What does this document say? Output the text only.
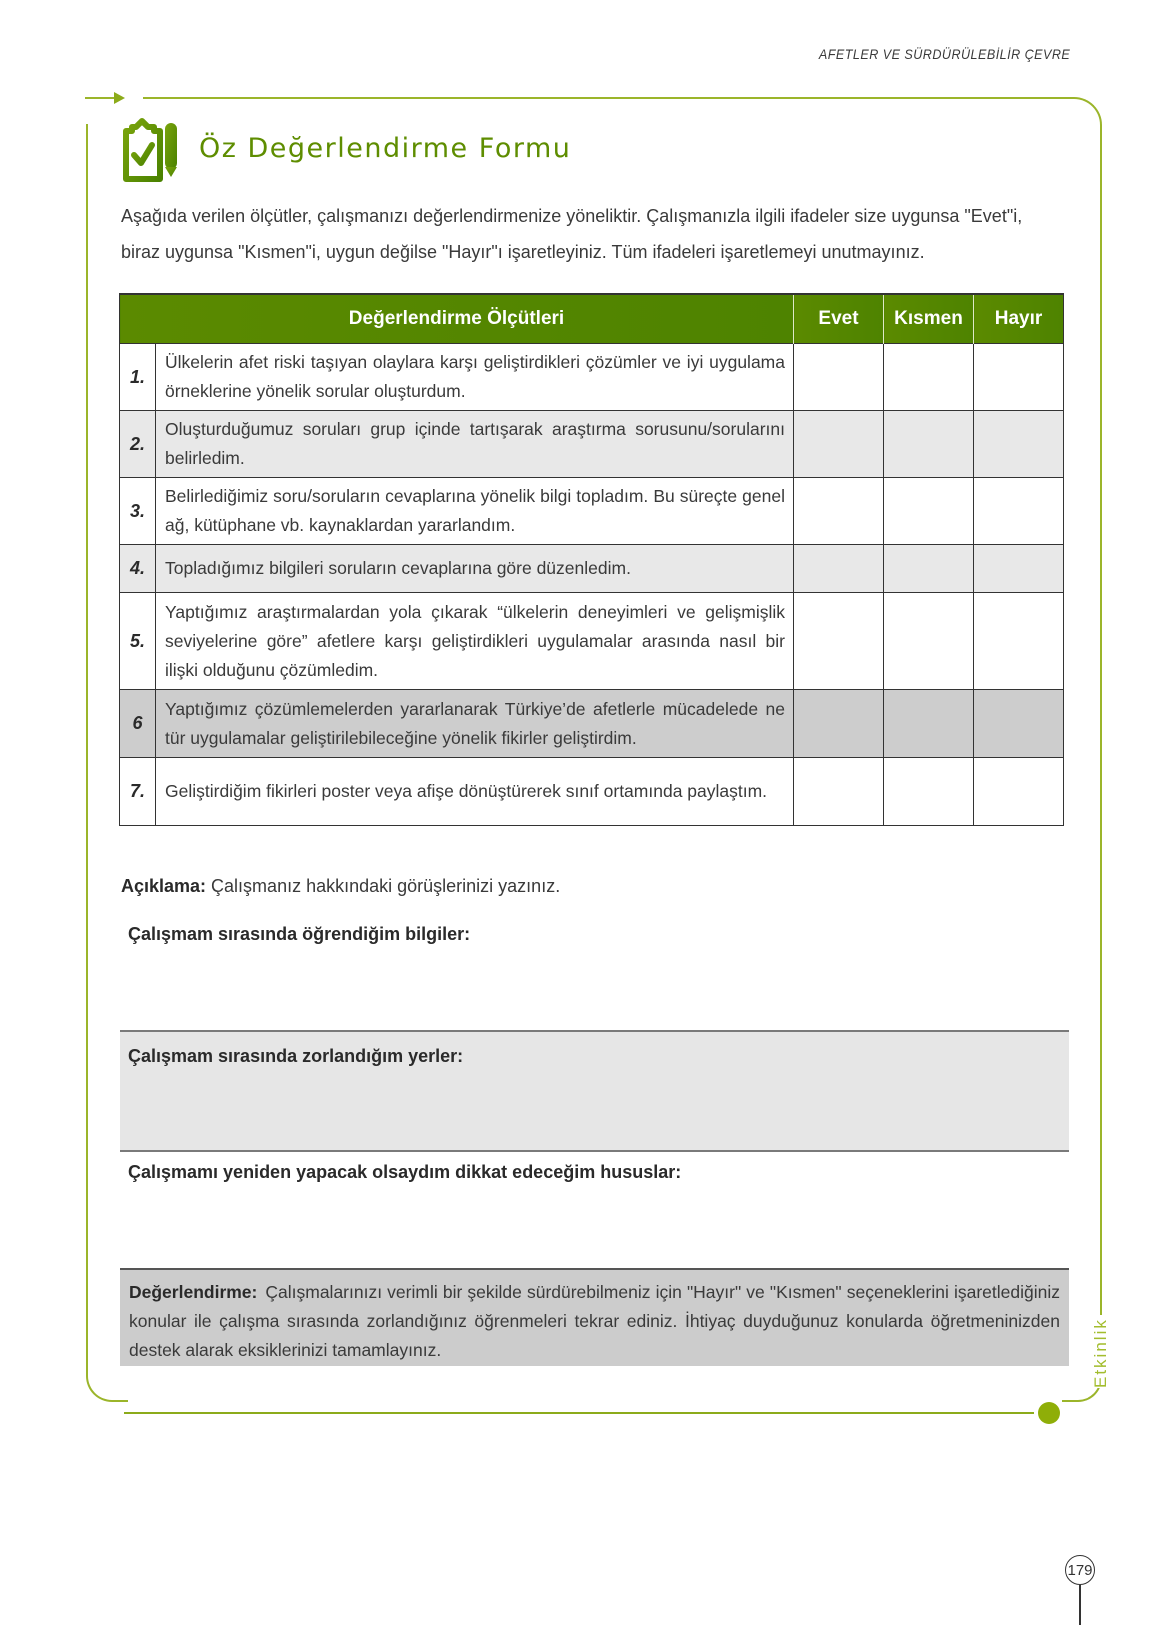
AFETLER VE SÜRDÜRÜLEBİLİR ÇEVRE
Etkinlik
Öz Değerlendirme Formu
Aşağıda verilen ölçütler, çalışmanızı değerlendirmenize yöneliktir. Çalışmanızla ilgili ifadeler size uygunsa "Evet"i, biraz uygunsa "Kısmen"i, uygun değilse "Hayır"ı işaretleyiniz. Tüm ifadeleri işaretlemeyi unutmayınız.
Değerlendirme Ölçütleri		Evet	Kısmen	Hayır
1.	Ülkelerin afet riski taşıyan olaylara karşı geliştirdikleri çözümler ve iyi uygulama örneklerine yönelik sorular oluşturdum.			
2.	Oluşturduğumuz soruları grup içinde tartışarak araştırma sorusunu/sorularını belirledim.			
3.	Belirlediğimiz soru/soruların cevaplarına yönelik bilgi topladım. Bu süreçte genel ağ, kütüphane vb. kaynaklardan yararlandım.			
4.	Topladığımız bilgileri soruların cevaplarına göre düzenledim.			
5.	Yaptığımız araştırmalardan yola çıkarak “ülkelerin deneyimleri ve gelişmişlik seviyelerine göre” afetlere karşı geliştirdikleri uygulamalar arasında nasıl bir ilişki olduğunu çözümledim.			
6	Yaptığımız çözümlemelerden yararlanarak Türkiye’de afetlerle mücadelede ne tür uygulamalar geliştirilebileceğine yönelik fikirler geliştirdim.			
7.	Geliştirdiğim fikirleri poster veya afişe dönüştürerek sınıf ortamında paylaştım.			
Açıklama: Çalışmanız hakkındaki görüşlerinizi yazınız.
Çalışmam sırasında öğrendiğim bilgiler:
Çalışmam sırasında zorlandığım yerler:
Çalışmamı yeniden yapacak olsaydım dikkat edeceğim hususlar:
Değerlendirme: Çalışmalarınızı verimli bir şekilde sürdürebilmeniz için "Hayır" ve "Kısmen" seçeneklerini işaretlediğiniz konular ile çalışma sırasında zorlandığınız öğrenmeleri tekrar ediniz. İhtiyaç duyduğunuz konularda öğretmeninizden destek alarak eksiklerinizi tamamlayınız.
179
